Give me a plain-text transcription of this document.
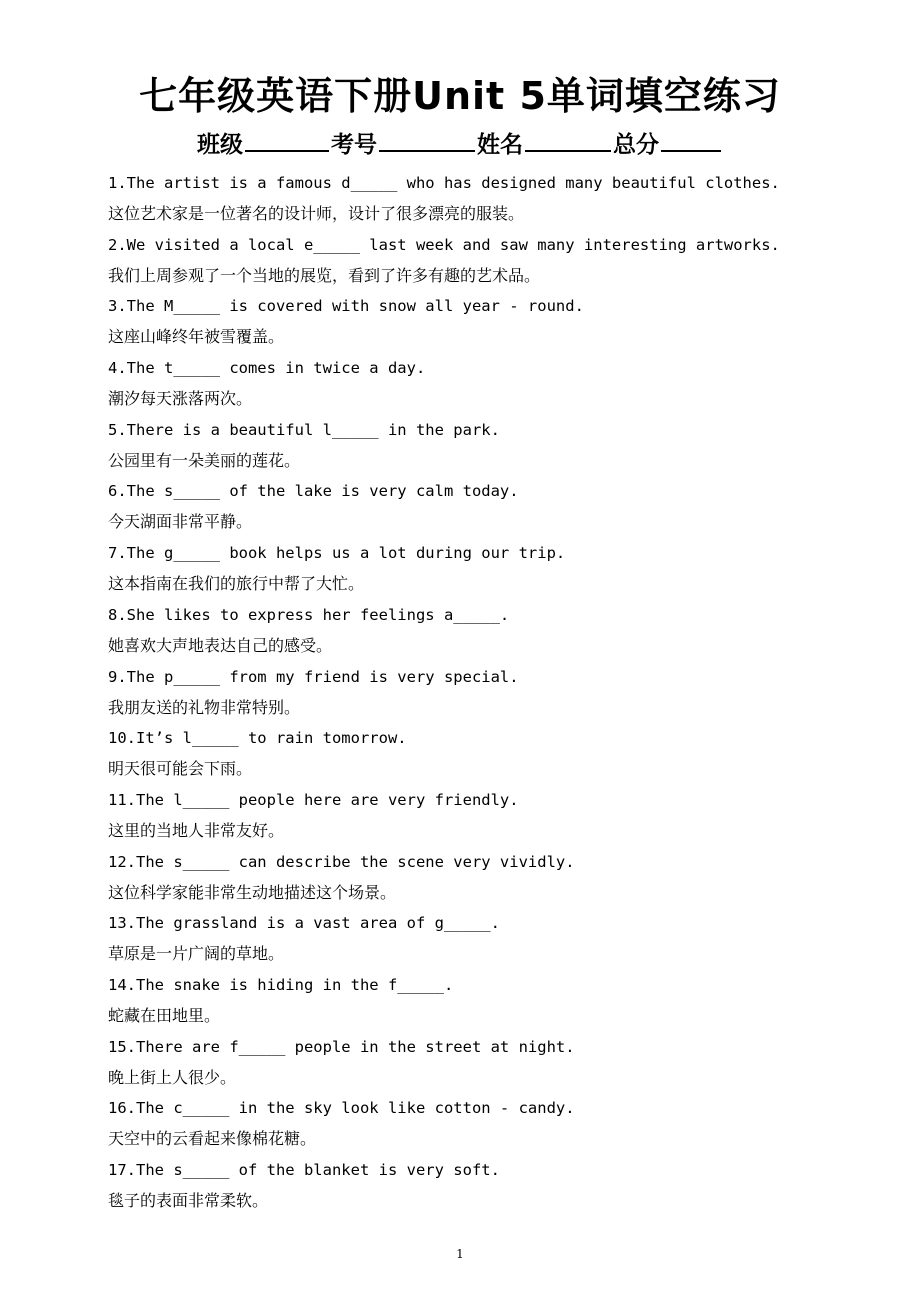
七年级英语下册Unit 5单词填空练习
班级	考号	姓名	总分
1.The artist is a famous d_____ who has designed many beautiful clothes.
这位艺术家是一位著名的设计师，设计了很多漂亮的服装。
2.We visited a local e_____ last week and saw many interesting artworks.
我们上周参观了一个当地的展览，看到了许多有趣的艺术品。
3.The M_____ is covered with snow all year - round.
这座山峰终年被雪覆盖。
4.The t_____ comes in twice a day.
潮汐每天涨落两次。
5.There is a beautiful l_____ in the park.
公园里有一朵美丽的莲花。
6.The s_____ of the lake is very calm today.
今天湖面非常平静。
7.The g_____ book helps us a lot during our trip.
这本指南在我们的旅行中帮了大忙。
8.She likes to express her feelings a_____.
她喜欢大声地表达自己的感受。
9.The p_____ from my friend is very special.
我朋友送的礼物非常特别。
10.It’s l_____ to rain tomorrow.
明天很可能会下雨。
11.The l_____ people here are very friendly.
这里的当地人非常友好。
12.The s_____ can describe the scene very vividly.
这位科学家能非常生动地描述这个场景。
13.The grassland is a vast area of g_____.
草原是一片广阔的草地。
14.The snake is hiding in the f_____.
蛇藏在田地里。
15.There are f_____ people in the street at night.
晚上街上人很少。
16.The c_____ in the sky look like cotton - candy.
天空中的云看起来像棉花糖。
17.The s_____ of the blanket is very soft.
毯子的表面非常柔软。
1
